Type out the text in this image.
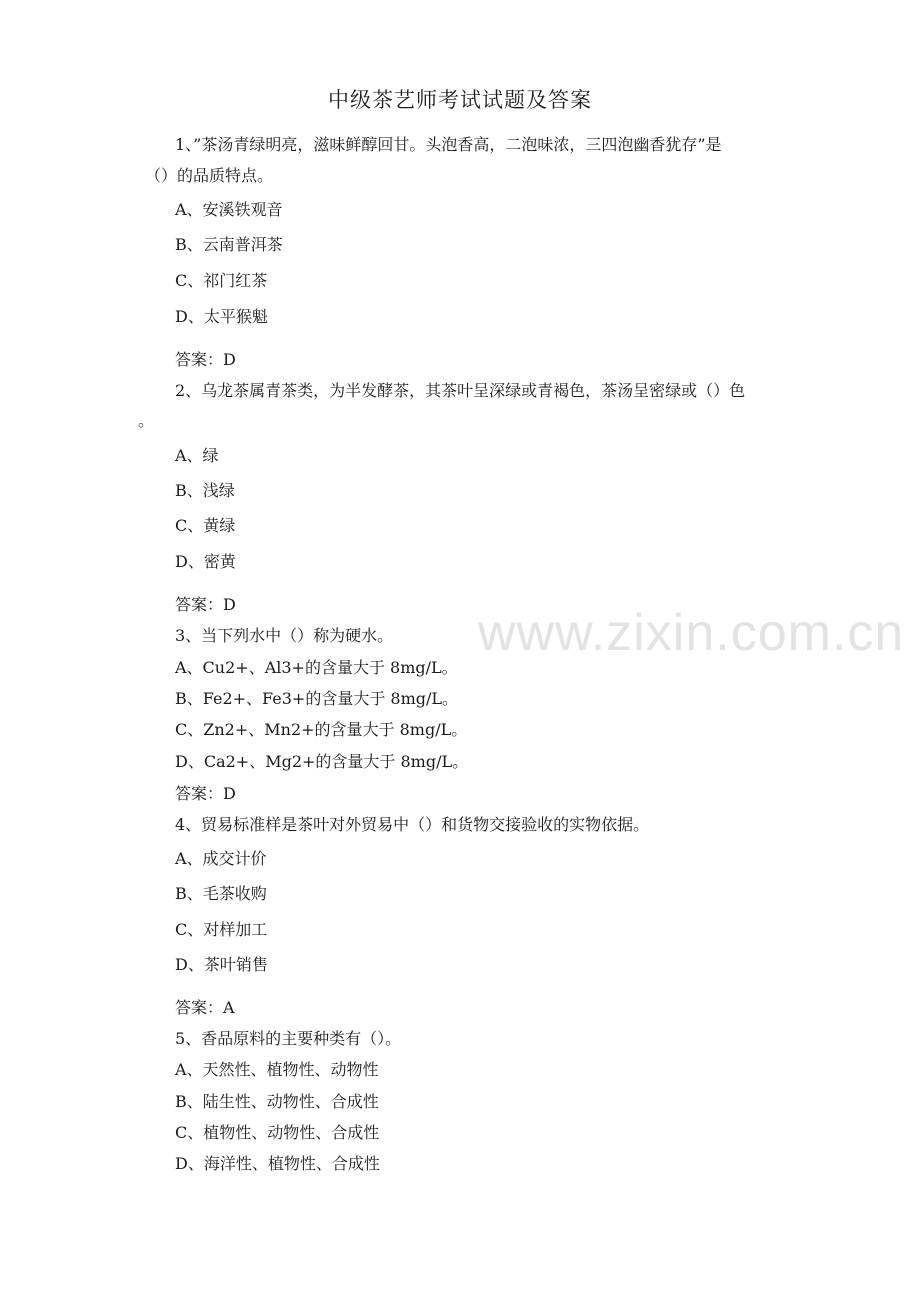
www.zixin.com.cn
中级茶艺师考试试题及答案
1、”茶汤青绿明亮，滋味鲜醇回甘。头泡香高，二泡味浓，三四泡幽香犹存”是
（）的品质特点。
A、安溪铁观音
B、云南普洱茶
C、祁门红茶
D、太平猴魁
答案：D
2、乌龙茶属青茶类，为半发酵茶，其茶叶呈深绿或青褐色，茶汤呈密绿或（）色
。
A、绿
B、浅绿
C、黄绿
D、密黄
答案：D
3、当下列水中（）称为硬水。
A、Cu2+、Al3+的含量大于 8mg/L。
B、Fe2+、Fe3+的含量大于 8mg/L。
C、Zn2+、Mn2+的含量大于 8mg/L。
D、Ca2+、Mg2+的含量大于 8mg/L。
答案：D
4、贸易标准样是茶叶对外贸易中（）和货物交接验收的实物依据。
A、成交计价
B、毛茶收购
C、对样加工
D、茶叶销售
答案：A
5、香品原料的主要种类有（）。
A、天然性、植物性、动物性
B、陆生性、动物性、合成性
C、植物性、动物性、合成性
D、海洋性、植物性、合成性
